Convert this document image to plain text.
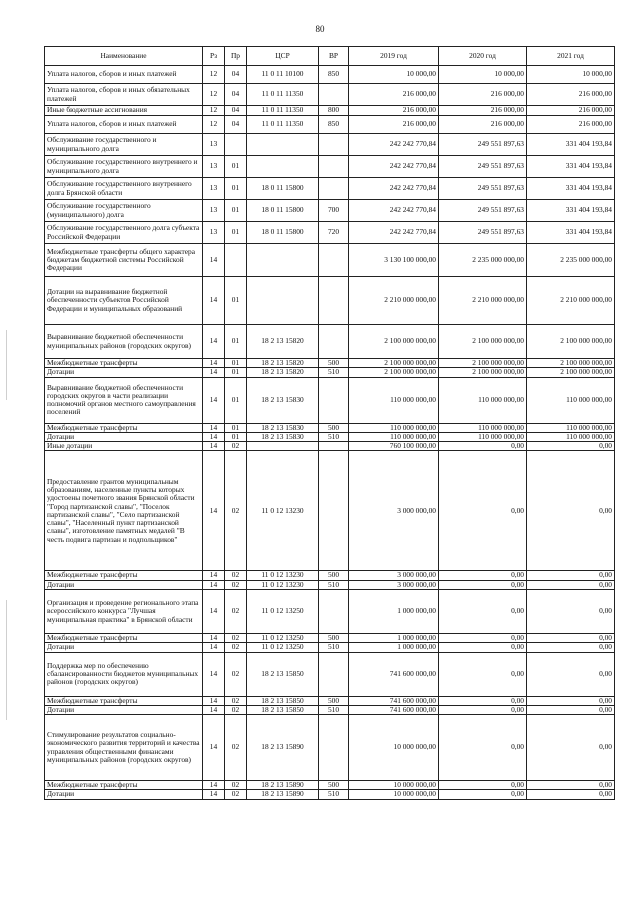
80
Наименование	Рз	Пр	ЦСР	ВР	2019 год	2020 год	2021 год
Уплата налогов, сборов и иных платежей	12	04	11 0 11 10100	850	10 000,00	10 000,00	10 000,00
Уплата налогов, сборов и иных обязательных платежей	12	04	11 0 11 11350		216 000,00	216 000,00	216 000,00
Иные бюджетные ассигнования	12	04	11 0 11 11350	800	216 000,00	216 000,00	216 000,00
Уплата налогов, сборов и иных платежей	12	04	11 0 11 11350	850	216 000,00	216 000,00	216 000,00
Обслуживание государственного и муниципального долга	13				242 242 770,84	249 551 897,63	331 404 193,84
Обслуживание государственного внутреннего и муниципального долга	13	01			242 242 770,84	249 551 897,63	331 404 193,84
Обслуживание государственного внутреннего долга Брянской области	13	01	18 0 11 15800		242 242 770,84	249 551 897,63	331 404 193,84
Обслуживание государственного (муниципального) долга	13	01	18 0 11 15800	700	242 242 770,84	249 551 897,63	331 404 193,84
Обслуживание государственного долга субъекта Российской Федерации	13	01	18 0 11 15800	720	242 242 770,84	249 551 897,63	331 404 193,84
Межбюджетные трансферты общего характера бюджетам бюджетной системы Российской Федерации	14				3 130 100 000,00	2 235 000 000,00	2 235 000 000,00
Дотации на выравнивание бюджетной обеспеченности субъектов Российской Федерации и муниципальных образований	14	01			2 210 000 000,00	2 210 000 000,00	2 210 000 000,00
Выравнивание бюджетной обеспеченности муниципальных районов (городских округов)	14	01	18 2 13 15820		2 100 000 000,00	2 100 000 000,00	2 100 000 000,00
Межбюджетные трансферты	14	01	18 2 13 15820	500	2 100 000 000,00	2 100 000 000,00	2 100 000 000,00
Дотации	14	01	18 2 13 15820	510	2 100 000 000,00	2 100 000 000,00	2 100 000 000,00
Выравнивание бюджетной обеспеченности городских округов в части реализации полномочий органов местного самоуправления поселений	14	01	18 2 13 15830		110 000 000,00	110 000 000,00	110 000 000,00
Межбюджетные трансферты	14	01	18 2 13 15830	500	110 000 000,00	110 000 000,00	110 000 000,00
Дотации	14	01	18 2 13 15830	510	110 000 000,00	110 000 000,00	110 000 000,00
Иные дотации	14	02			760 100 000,00	0,00	0,00
Предоставление грантов муниципальным образованиям, населенные пункты которых удостоены почетного звания Брянской области "Город партизанской славы", "Поселок партизанской славы", "Село партизанской славы", "Населенный пункт партизанской славы", изготовление памятных медалей "В честь подвига партизан и подпольщиков"	14	02	11 0 12 13230		3 000 000,00	0,00	0,00
Межбюджетные трансферты	14	02	11 0 12 13230	500	3 000 000,00	0,00	0,00
Дотации	14	02	11 0 12 13230	510	3 000 000,00	0,00	0,00
Организация и проведение регионального этапа всероссийского конкурса "Лучшая муниципальная практика" в Брянской области	14	02	11 0 12 13250		1 000 000,00	0,00	0,00
Межбюджетные трансферты	14	02	11 0 12 13250	500	1 000 000,00	0,00	0,00
Дотации	14	02	11 0 12 13250	510	1 000 000,00	0,00	0,00
Поддержка мер по обеспечению сбалансированности бюджетов муниципальных районов (городских округов)	14	02	18 2 13 15850		741 600 000,00	0,00	0,00
Межбюджетные трансферты	14	02	18 2 13 15850	500	741 600 000,00	0,00	0,00
Дотации	14	02	18 2 13 15850	510	741 600 000,00	0,00	0,00
Стимулирование результатов социально-экономического развития территорий и качества управления общественными финансами муниципальных районов (городских округов)	14	02	18 2 13 15890		10 000 000,00	0,00	0,00
Межбюджетные трансферты	14	02	18 2 13 15890	500	10 000 000,00	0,00	0,00
Дотации	14	02	18 2 13 15890	510	10 000 000,00	0,00	0,00
